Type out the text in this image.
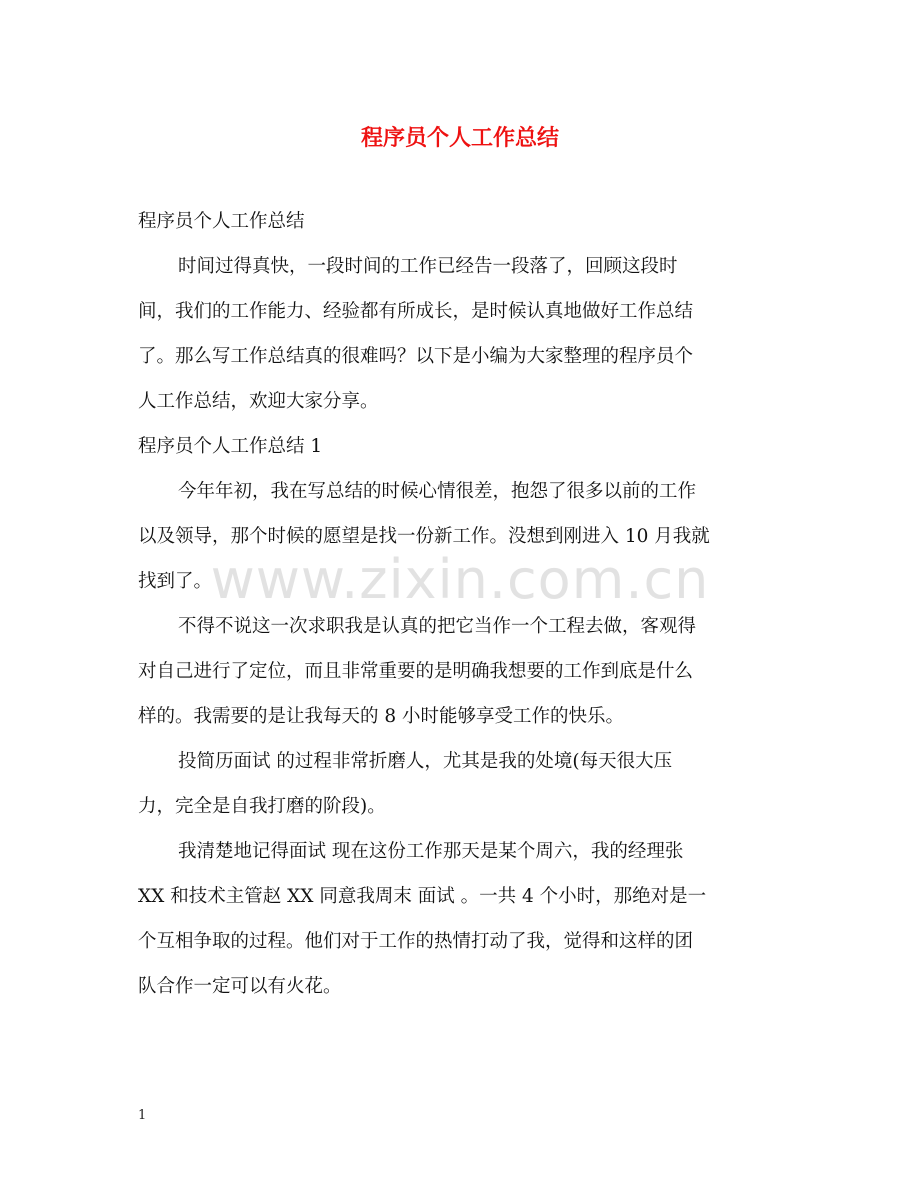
程序员个人工作总结
程序员个人工作总结
时间过得真快，一段时间的工作已经告一段落了，回顾这段时
间，我们的工作能力、经验都有所成长，是时候认真地做好工作总结
了。那么写工作总结真的很难吗？以下是小编为大家整理的程序员个
人工作总结，欢迎大家分享。
程序员个人工作总结 1
今年年初，我在写总结的时候心情很差，抱怨了很多以前的工作
以及领导，那个时候的愿望是找一份新工作。没想到刚进入 10 月我就
找到了。
不得不说这一次求职我是认真的把它当作一个工程去做，客观得
对自己进行了定位，而且非常重要的是明确我想要的工作到底是什么
样的。我需要的是让我每天的 8 小时能够享受工作的快乐。
投简历面试 的过程非常折磨人，尤其是我的处境(每天很大压
力，完全是自我打磨的阶段)。
我清楚地记得面试 现在这份工作那天是某个周六，我的经理张
XX 和技术主管赵 XX 同意我周末 面试 。一共 4 个小时，那绝对是一
个互相争取的过程。他们对于工作的热情打动了我，觉得和这样的团
队合作一定可以有火花。
www.zixin.com.cn
1
